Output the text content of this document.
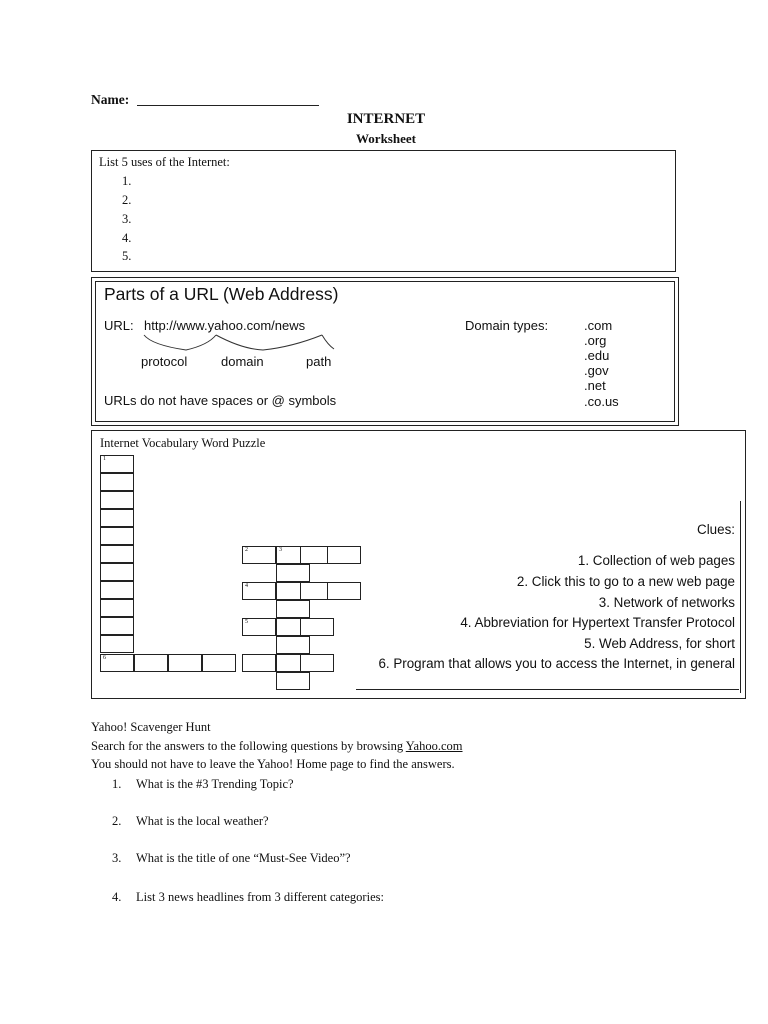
Name:
INTERNET
Worksheet
List 5 uses of the Internet:
1.
2.
3.
4.
5.
Parts of a URL (Web Address)
URL: http://www.yahoo.com/news
protocol	domain	path
URLs do not have spaces or @ symbols
Domain types:	.com
.org
.edu
.gov
.net
.co.us
Internet Vocabulary Word Puzzle
Clues:
1. Collection of web pages
2. Click this to go to a new web page
3. Network of networks
4. Abbreviation for Hypertext Transfer Protocol
5. Web Address, for short
6. Program that allows you to access the Internet, in general
1
6
2	3
4
5
Yahoo! Scavenger Hunt
Search for the answers to the following questions by browsing Yahoo.com
You should not have to leave the Yahoo! Home page to find the answers.
1. What is the #3 Trending Topic?
2. What is the local weather?
3. What is the title of one “Must-See Video”?
4. List 3 news headlines from 3 different categories:
